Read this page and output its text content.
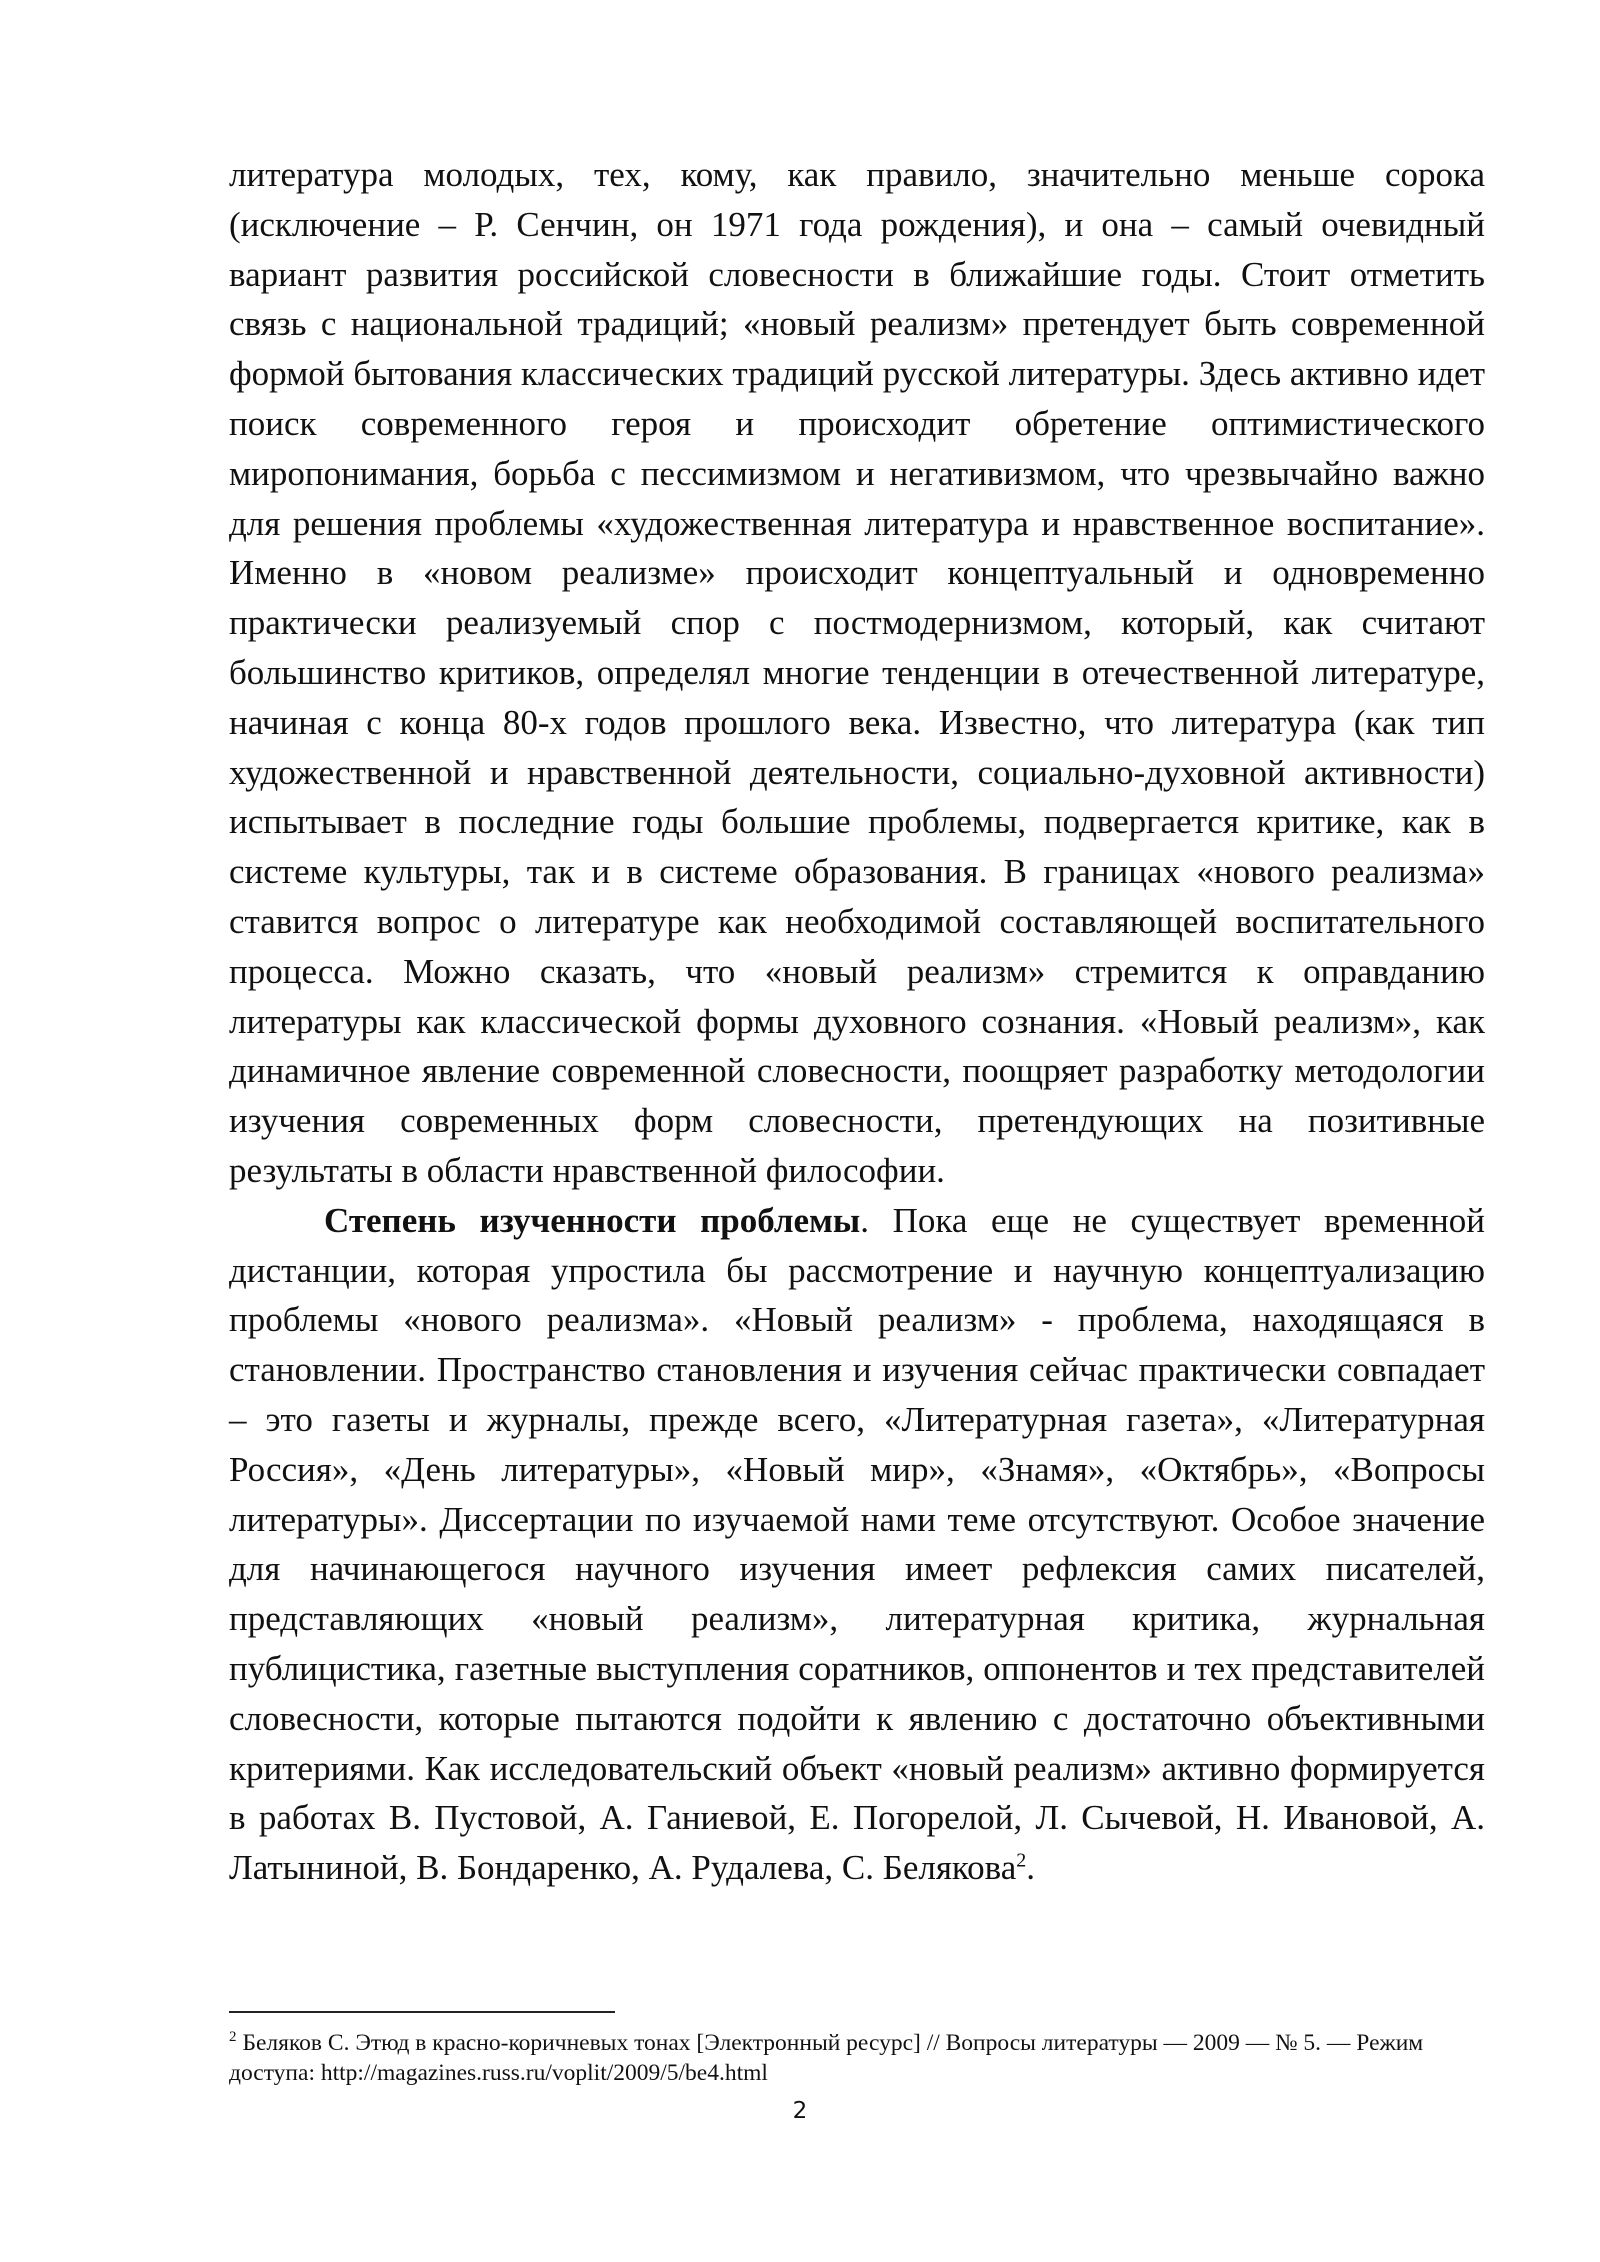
литература молодых, тех, кому, как правило, значительно меньше сорока (исключение – Р. Сенчин, он 1971 года рождения), и она – самый очевидный вариант развития российской словесности в ближайшие годы. Стоит отметить связь с национальной традиций; «новый реализм» претендует быть современной формой бытования классических традиций русской литературы. Здесь активно идет поиск современного героя и происходит обретение оптимистического миропонимания, борьба с пессимизмом и негативизмом, что чрезвычайно важно для решения проблемы «художественная литература и нравственное воспитание». Именно в «новом реализме» происходит концептуальный и одновременно практически реализуемый спор с постмодернизмом, который, как считают большинство критиков, определял многие тенденции в отечественной литературе, начиная с конца 80-х годов прошлого века. Известно, что литература (как тип художественной и нравственной деятельности, социально-духовной активности) испытывает в последние годы большие проблемы, подвергается критике, как в системе культуры, так и в системе образования. В границах «нового реализма» ставится вопрос о литературе как необходимой составляющей воспитательного процесса. Можно сказать, что «новый реализм» стремится к оправданию литературы как классической формы духовного сознания. «Новый реализм», как динамичное явление современной словесности, поощряет разработку методологии изучения современных форм словесности, претендующих на позитивные результаты в области нравственной философии.

Степень изученности проблемы. Пока еще не существует временной дистанции, которая упростила бы рассмотрение и научную концептуализацию проблемы «нового реализма». «Новый реализм» - проблема, находящаяся в становлении. Пространство становления и изучения сейчас практически совпадает – это газеты и журналы, прежде всего, «Литературная газета», «Литературная Россия», «День литературы», «Новый мир», «Знамя», «Октябрь», «Вопросы литературы». Диссертации по изучаемой нами теме отсутствуют. Особое значение для начинающегося научного изучения имеет рефлексия самих писателей, представляющих «новый реализм», литературная критика, журнальная публицистика, газетные выступления соратников, оппонентов и тех представителей словесности, которые пытаются подойти к явлению с достаточно объективными критериями. Как исследовательский объект «новый реализм» активно формируется в работах В. Пустовой, А. Ганиевой, Е. Погорелой, Л. Сычевой, Н. Ивановой, А. Латыниной, В. Бондаренко, А. Рудалева, С. Белякова$^2$.

$^2$ Беляков С. Этюд в красно-коричневых тонах [Электронный ресурс] // Вопросы литературы — 2009 — № 5. — Режим доступа: http://magazines.russ.ru/voplit/2009/5/be4.html
2
